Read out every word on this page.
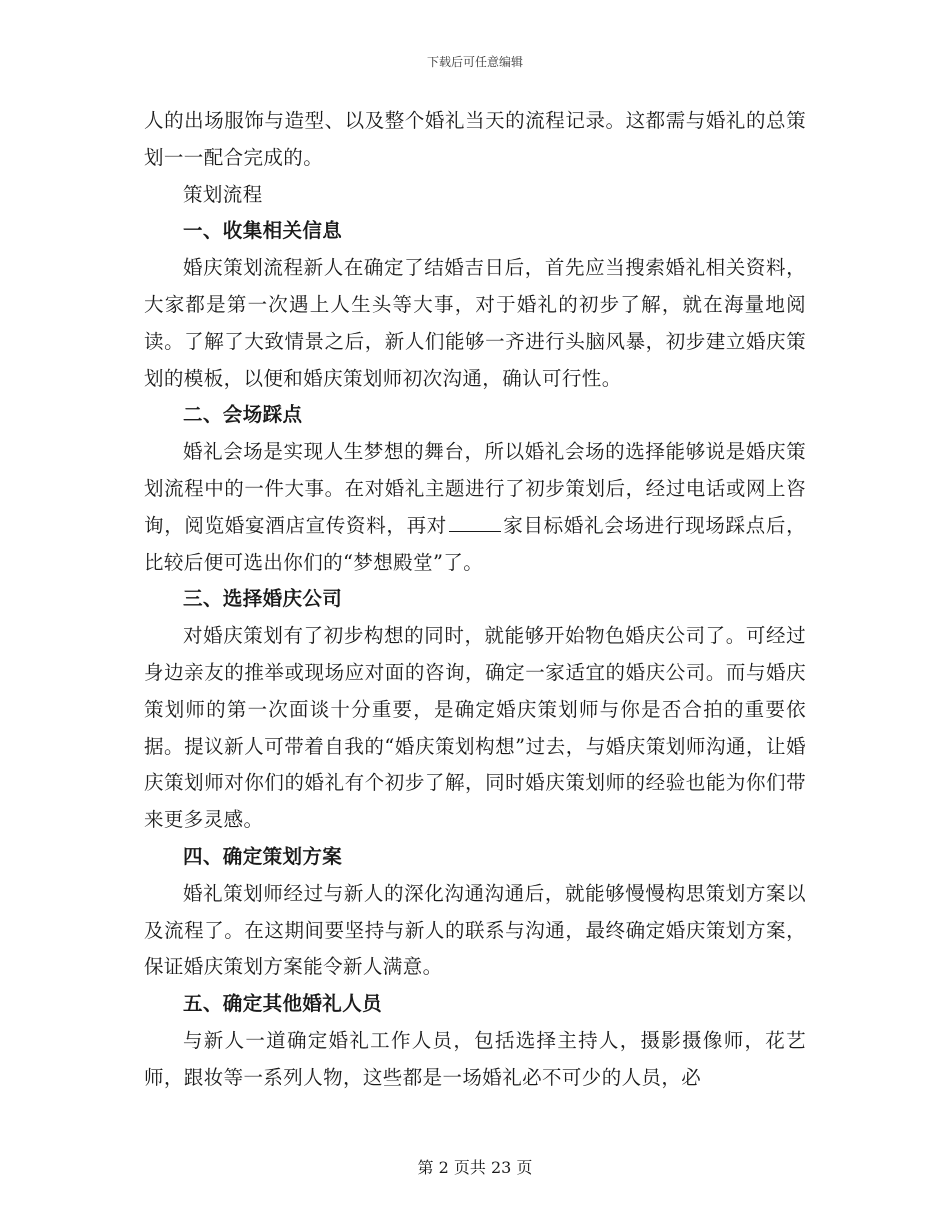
下载后可任意编辑

人的出场服饰与造型、以及整个婚礼当天的流程记录。这都需与婚礼的总策划一一配合完成的。

策划流程

一、收集相关信息

婚庆策划流程新人在确定了结婚吉日后，首先应当搜索婚礼相关资料，大家都是第一次遇上人生头等大事，对于婚礼的初步了解，就在海量地阅读。了解了大致情景之后，新人们能够一齐进行头脑风暴，初步建立婚庆策划的模板，以便和婚庆策划师初次沟通，确认可行性。

二、会场踩点

婚礼会场是实现人生梦想的舞台，所以婚礼会场的选择能够说是婚庆策划流程中的一件大事。在对婚礼主题进行了初步策划后，经过电话或网上咨询，阅览婚宴酒店宣传资料，再对	家目标婚礼会场进行现场踩点后，比较后便可选出你们的“梦想殿堂”了。

三、选择婚庆公司

对婚庆策划有了初步构想的同时，就能够开始物色婚庆公司了。可经过身边亲友的推举或现场应对面的咨询，确定一家适宜的婚庆公司。而与婚庆策划师的第一次面谈十分重要，是确定婚庆策划师与你是否合拍的重要依据。提议新人可带着自我的“婚庆策划构想”过去，与婚庆策划师沟通，让婚庆策划师对你们的婚礼有个初步了解，同时婚庆策划师的经验也能为你们带来更多灵感。

四、确定策划方案

婚礼策划师经过与新人的深化沟通沟通后，就能够慢慢构思策划方案以及流程了。在这期间要坚持与新人的联系与沟通，最终确定婚庆策划方案，保证婚庆策划方案能令新人满意。

五、确定其他婚礼人员

与新人一道确定婚礼工作人员，包括选择主持人，摄影摄像师，花艺师，跟妆等一系列人物，这些都是一场婚礼必不可少的人员，必

第 2 页共 23 页
